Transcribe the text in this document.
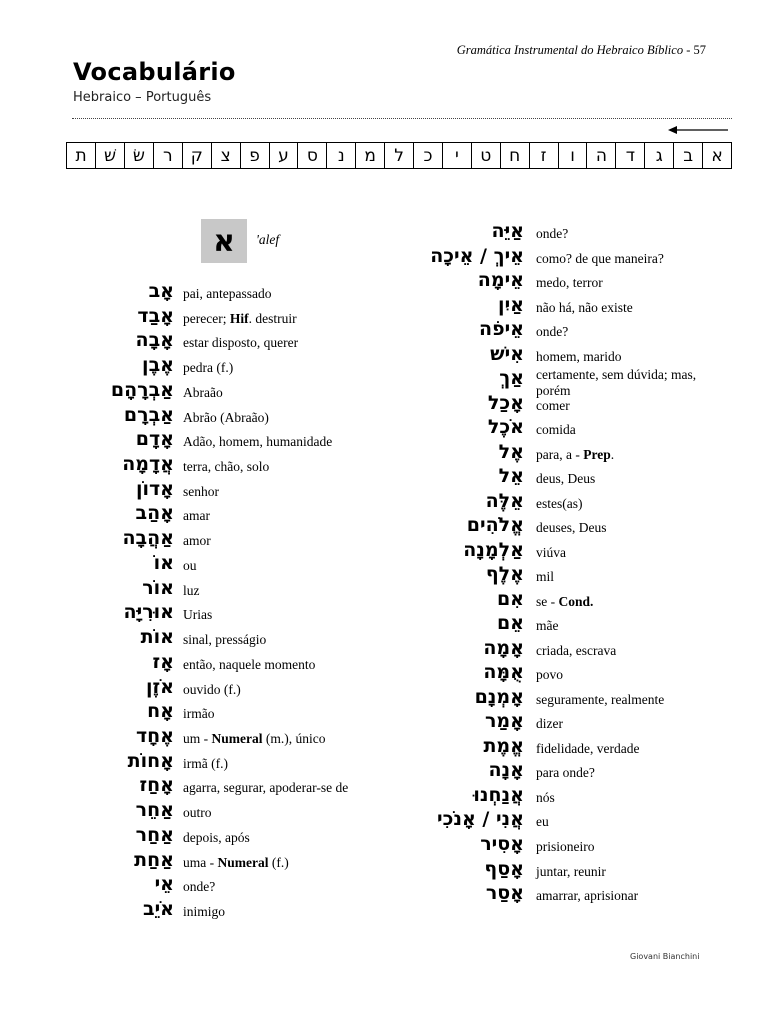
Gramática Instrumental do Hebraico Bíblico - 57
Vocabulário
Hebraico – Português
א
ב
ג
ד
ה
ו
ז
ח
ט
י
כ
ל
מ
נ
ס
ע
פ
צ
ק
ר
שׂ
שׁ
ת
א	'alef
אָב pai, antepassado
אָבַד perecer; Hif. destruir
אָבָה estar disposto, querer
אֶבֶן pedra (f.)
אַבְרָהָם Abraão
אַבְרָם Abrão (Abraão)
אָדָם Adão, homem, humanidade
אֲדָמָה terra, chão, solo
אָדוֹן senhor
אָהַב amar
אַהֲבָה amor
אוֹ ou
אוֹר luz
אוּרִיָּה Urias
אוֹת sinal, presságio
אָז então, naquele momento
אֹזֶן ouvido (f.)
אָח irmão
אֶחָד um - Numeral (m.), único
אָחוֹת irmã (f.)
אָחַז agarra, segurar, apoderar-se de
אַחֵר outro
אַחַר depois, após
אַחַת uma - Numeral (f.)
אֵי onde?
אֹיֵב inimigo
אַיֵּה onde?
אֵיךְ / אֵיכָה como? de que maneira?
אֵימָה medo, terror
אַיִן não há, não existe
אֵיפֹה onde?
אִישׁ homem, marido
אַךְ certamente, sem dúvida; mas, porém
אָכַל comer
אֹכֶל comida
אֶל para, a - Prep.
אֵל deus, Deus
אֵלֶּה estes(as)
אֱלֹהִים deuses, Deus
אַלְמָנָה viúva
אֶלֶף mil
אִם se - Cond.
אֵם mãe
אָמָה criada, escrava
אֻמָּה povo
אָמְנָם seguramente, realmente
אָמַר dizer
אֱמֶת fidelidade, verdade
אָנָה para onde?
אֲנַחְנוּ nós
אֲנִי / אָנֹכִי eu
אָסִיר prisioneiro
אָסַף juntar, reunir
אָסַר amarrar, aprisionar
Giovani Bianchini
